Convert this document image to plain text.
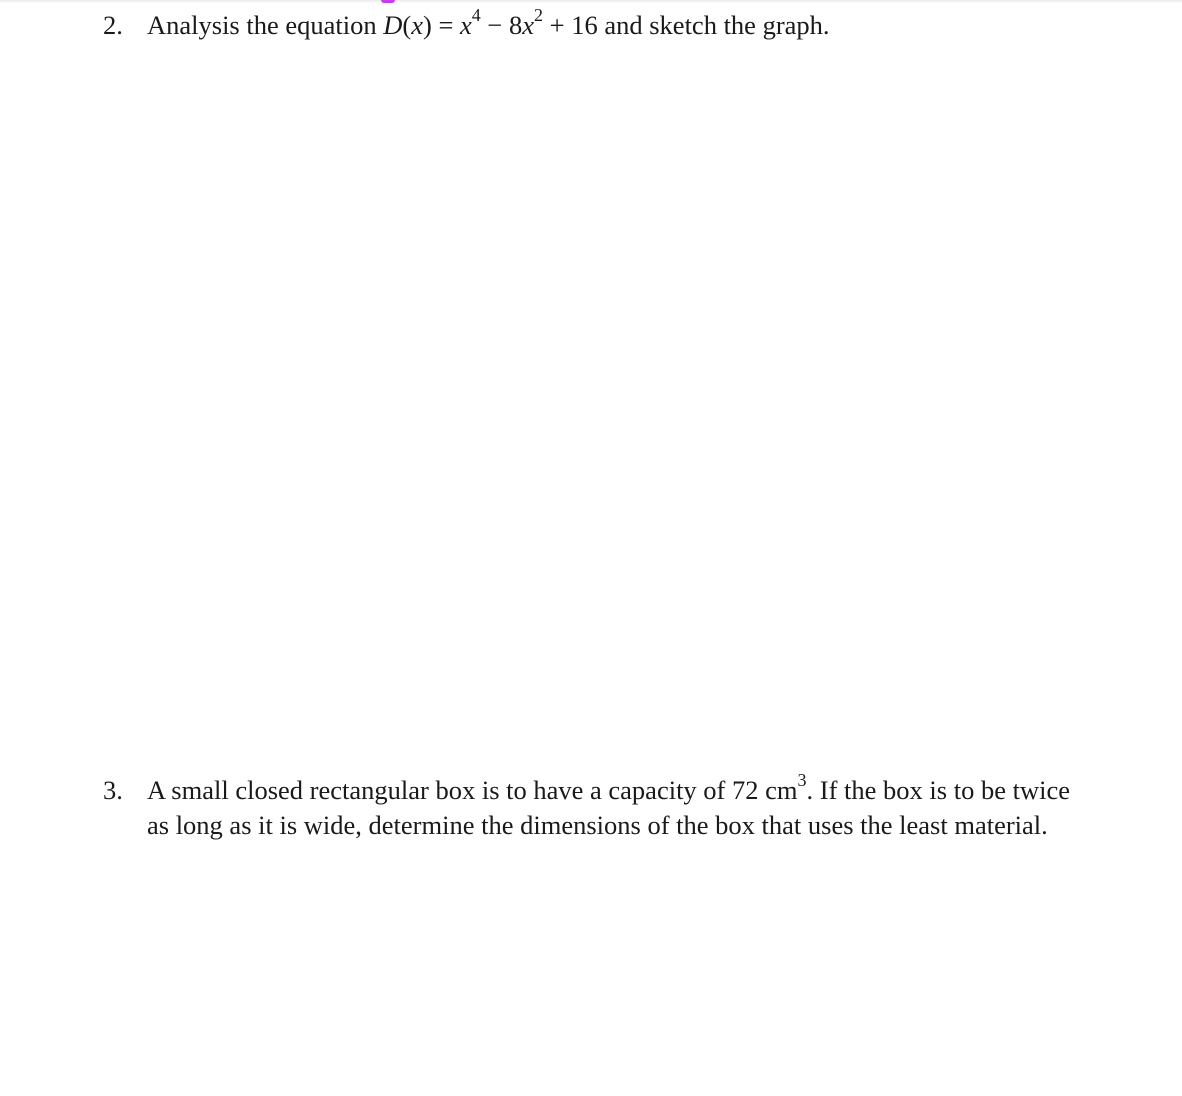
2. Analysis the equation $D(x) = x^4 - 8x^2 + 16$ and sketch the graph.
3. A small closed rectangular box is to have a capacity of 72 $cm^3$. If the box is to be twice
as long as it is wide, determine the dimensions of the box that uses the least material.
